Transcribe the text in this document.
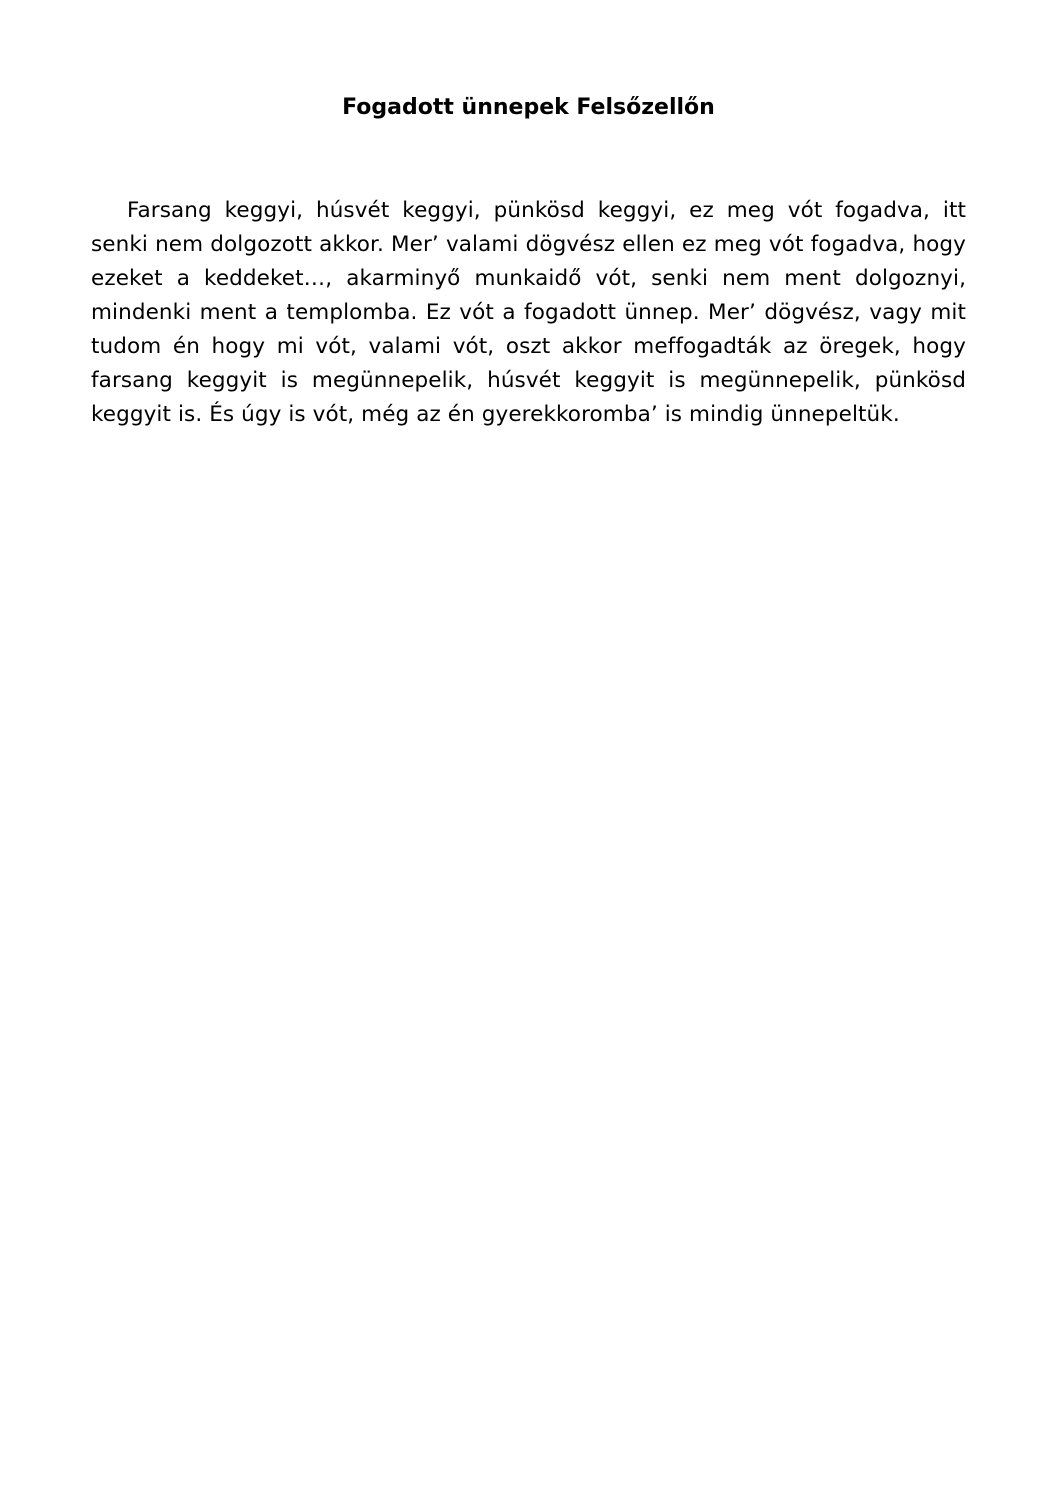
Fogadott ünnepek Felsőzellőn

Farsang keggyi, húsvét keggyi, pünkösd keggyi, ez meg vót fogadva, itt senki nem dolgozott akkor. Mer’ valami dögvész ellen ez meg vót fogadva, hogy ezeket a keddeket…, akarminyő munkaidő vót, senki nem ment dolgoznyi, mindenki ment a templomba. Ez vót a fogadott ünnep. Mer’ dögvész, vagy mit tudom én hogy mi vót, valami vót, oszt akkor meffogadták az öregek, hogy farsang keggyit is megünnepelik, húsvét keggyit is megünnepelik, pünkösd keggyit is. És úgy is vót, még az én gyerekkoromba’ is mindig ünnepeltük.
